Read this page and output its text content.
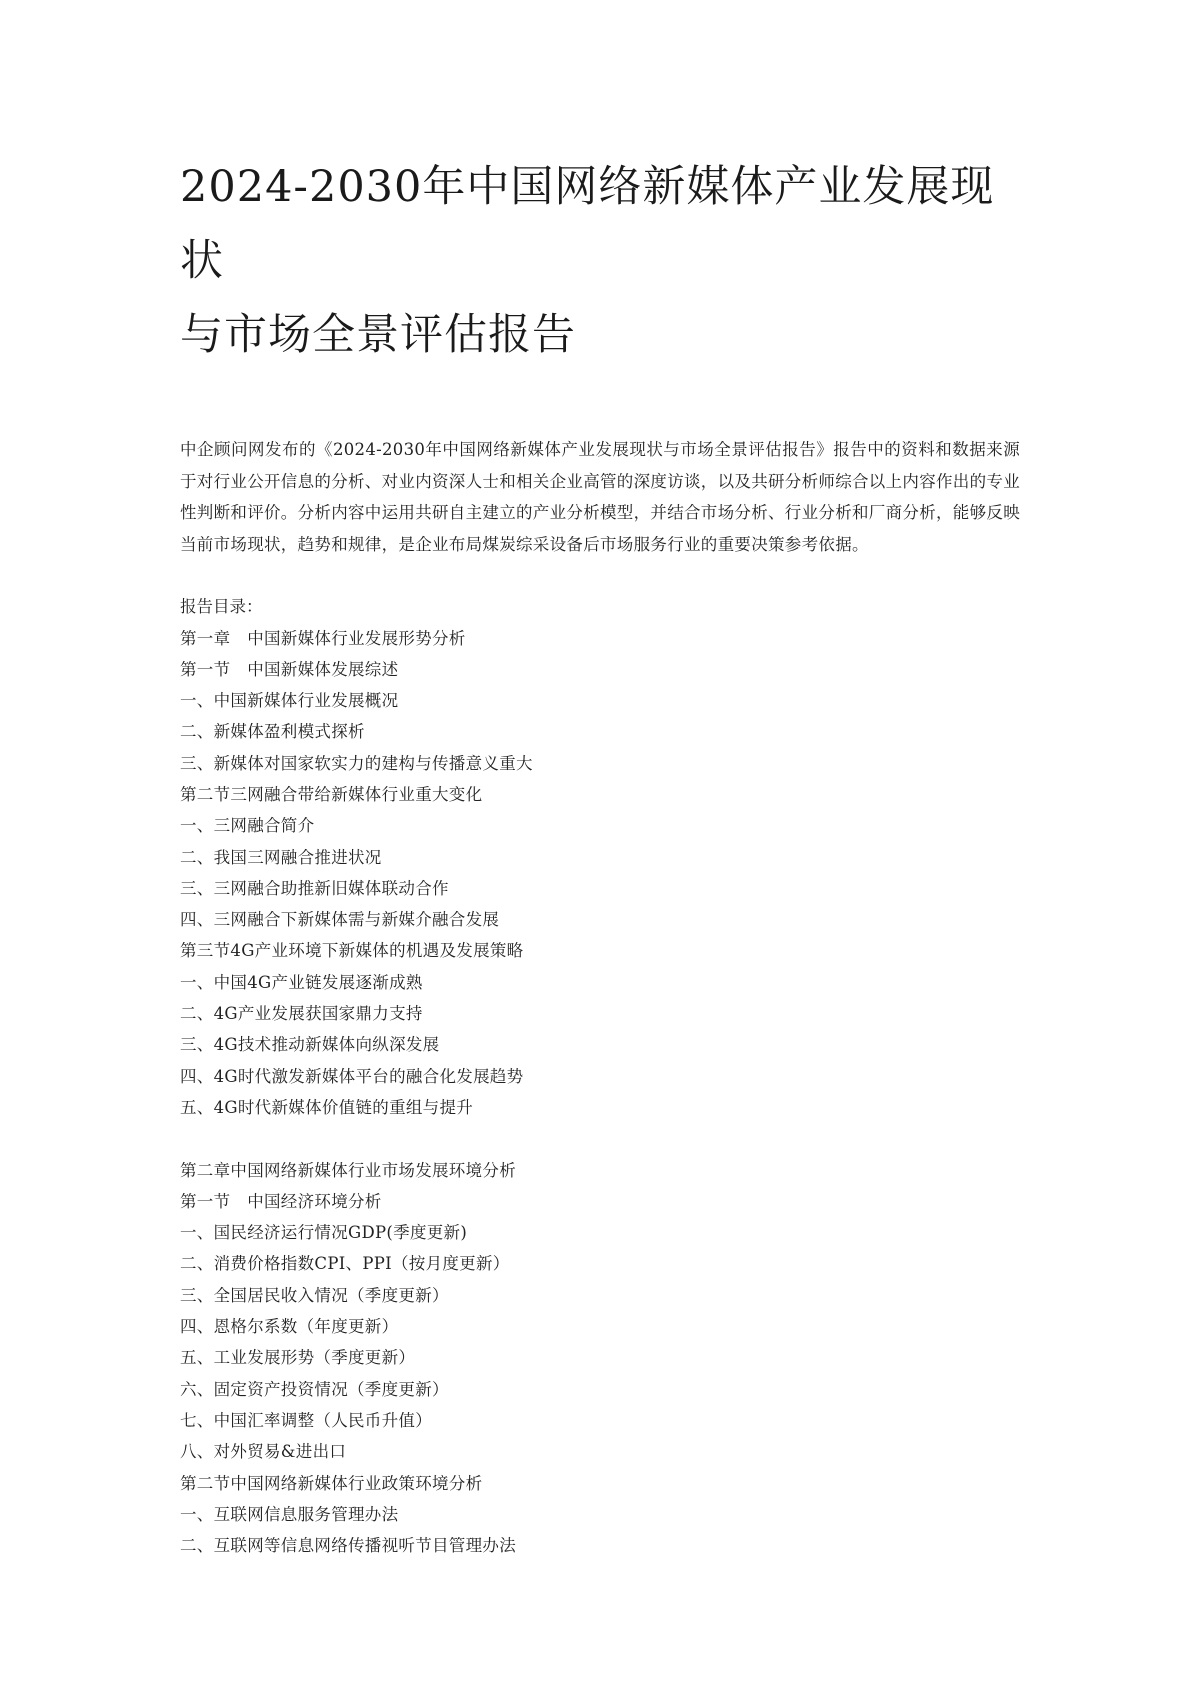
2024-2030年中国网络新媒体产业发展现状
与市场全景评估报告

中企顾问网发布的《2024-2030年中国网络新媒体产业发展现状与市场全景评估报告》报告中的资料和数据来源于对行业公开信息的分析、对业内资深人士和相关企业高管的深度访谈，以及共研分析师综合以上内容作出的专业性判断和评价。分析内容中运用共研自主建立的产业分析模型，并结合市场分析、行业分析和厂商分析，能够反映当前市场现状，趋势和规律，是企业布局煤炭综采设备后市场服务行业的重要决策参考依据。

报告目录：
第一章　中国新媒体行业发展形势分析
第一节　中国新媒体发展综述
一、中国新媒体行业发展概况
二、新媒体盈利模式探析
三、新媒体对国家软实力的建构与传播意义重大
第二节三网融合带给新媒体行业重大变化
一、三网融合简介
二、我国三网融合推进状况
三、三网融合助推新旧媒体联动合作
四、三网融合下新媒体需与新媒介融合发展
第三节4G产业环境下新媒体的机遇及发展策略
一、中国4G产业链发展逐渐成熟
二、4G产业发展获国家鼎力支持
三、4G技术推动新媒体向纵深发展
四、4G时代激发新媒体平台的融合化发展趋势
五、4G时代新媒体价值链的重组与提升
第二章中国网络新媒体行业市场发展环境分析
第一节　中国经济环境分析
一、国民经济运行情况GDP(季度更新)
二、消费价格指数CPI、PPI（按月度更新）
三、全国居民收入情况（季度更新）
四、恩格尔系数（年度更新）
五、工业发展形势（季度更新）
六、固定资产投资情况（季度更新）
七、中国汇率调整（人民币升值）
八、对外贸易&进出口
第二节中国网络新媒体行业政策环境分析
一、互联网信息服务管理办法
二、互联网等信息网络传播视听节目管理办法
